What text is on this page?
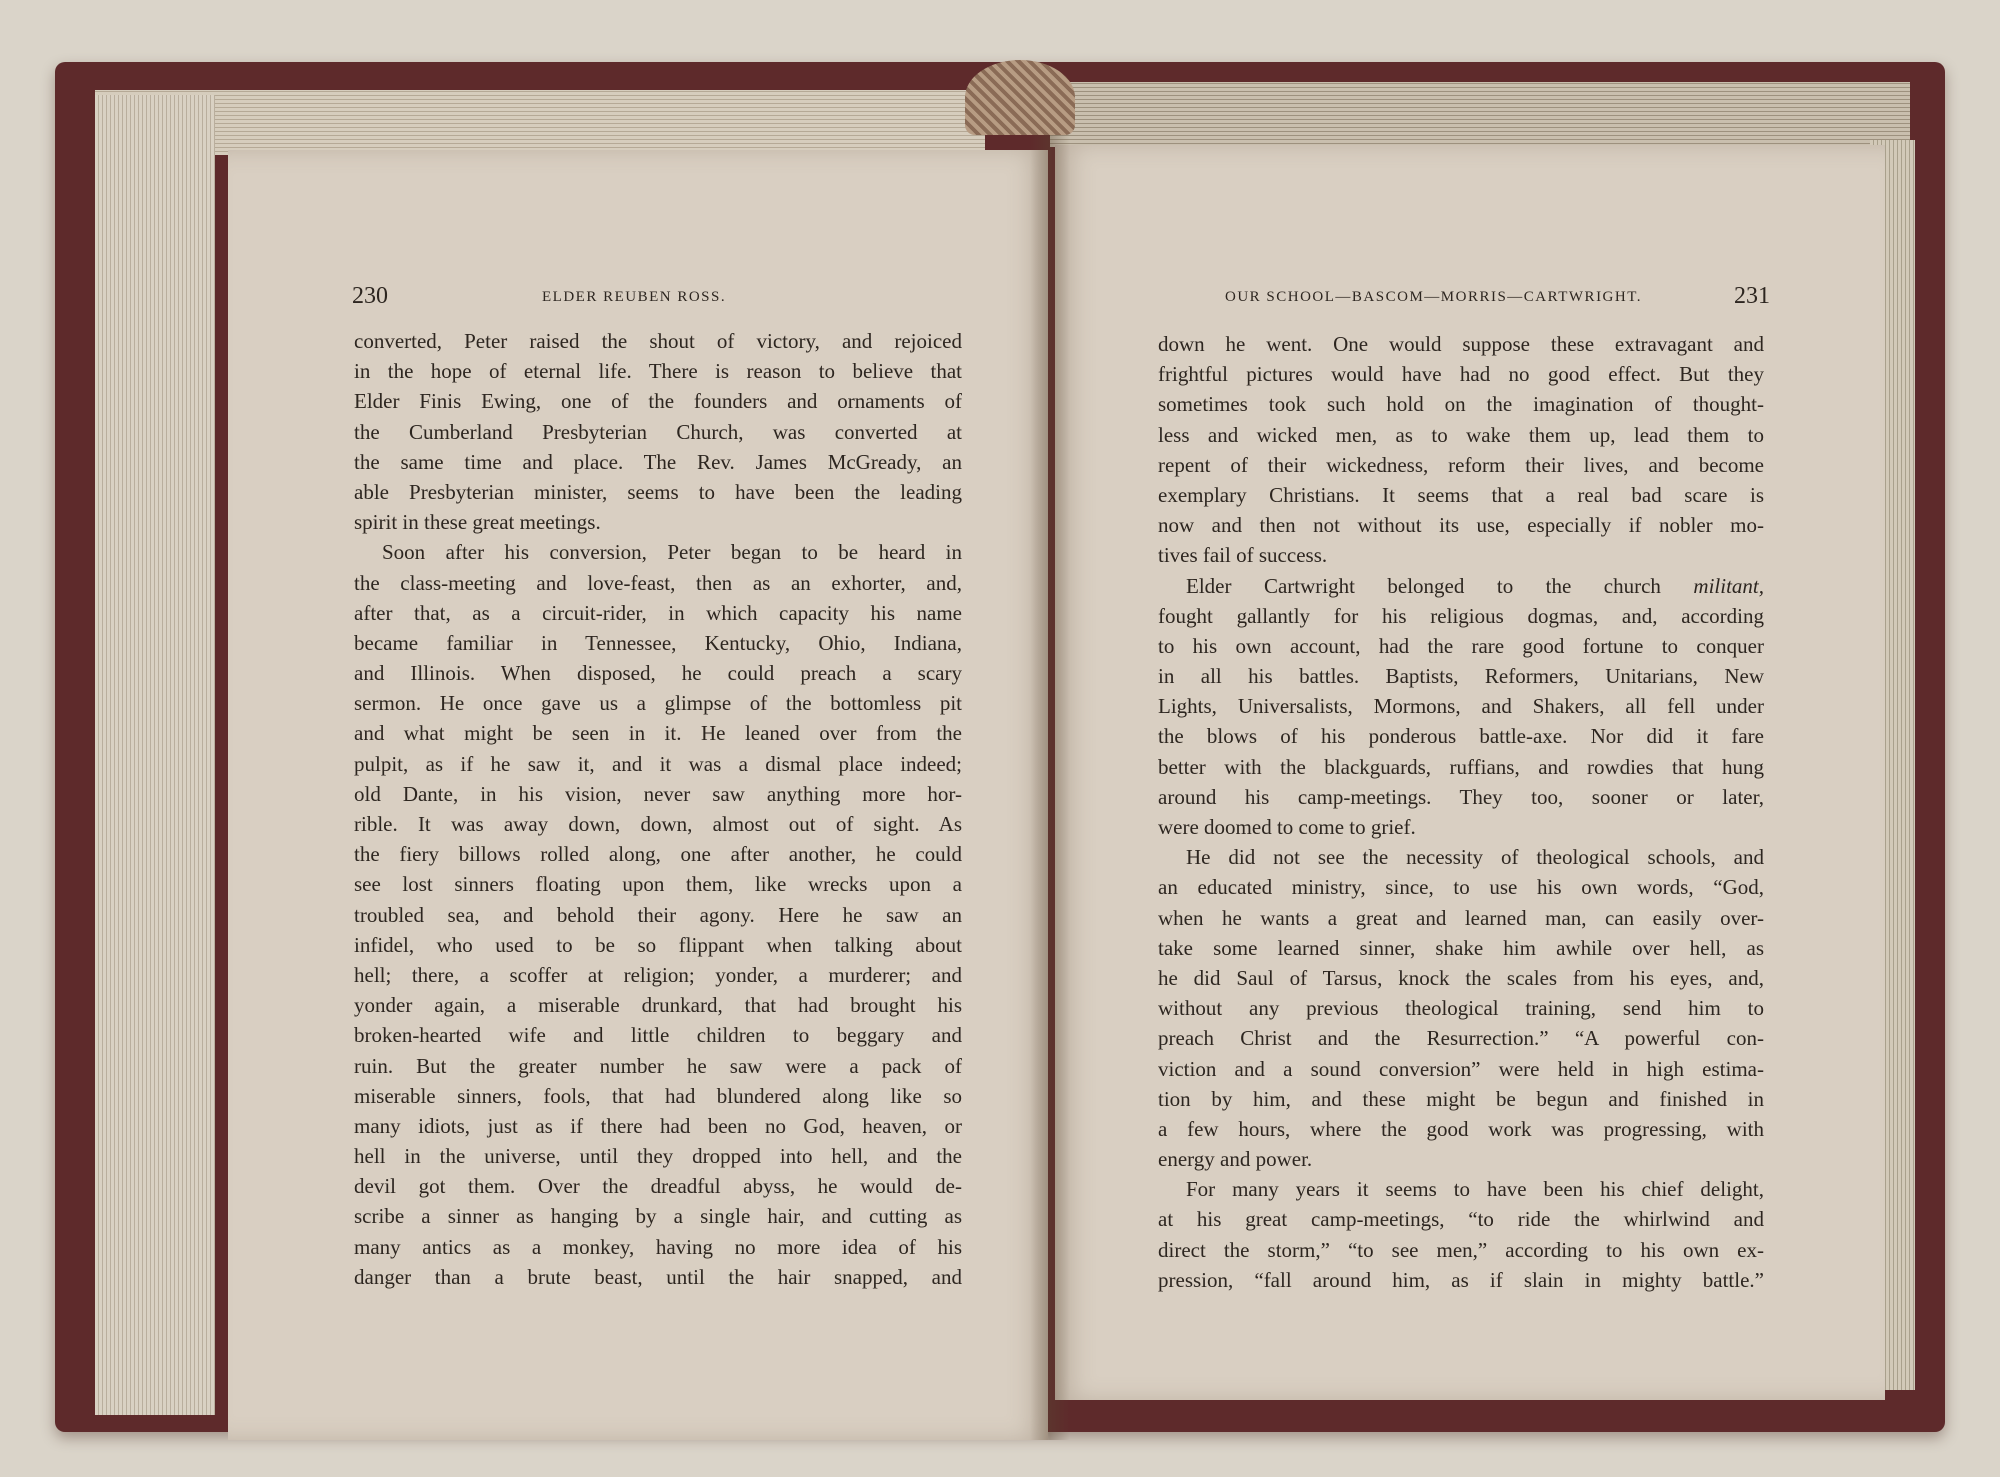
230	ELDER REUBEN ROSS.	OUR SCHOOL—BASCOM—MORRIS—CARTWRIGHT.	231
converted, Peter raised the shout of victory, and rejoiced
in the hope of eternal life. There is reason to believe that
Elder Finis Ewing, one of the founders and ornaments of
the Cumberland Presbyterian Church, was converted at
the same time and place. The Rev. James McGready, an
able Presbyterian minister, seems to have been the leading
spirit in these great meetings.
Soon after his conversion, Peter began to be heard in
the class-meeting and love-feast, then as an exhorter, and,
after that, as a circuit-rider, in which capacity his name
became familiar in Tennessee, Kentucky, Ohio, Indiana,
and Illinois. When disposed, he could preach a scary
sermon. He once gave us a glimpse of the bottomless pit
and what might be seen in it. He leaned over from the
pulpit, as if he saw it, and it was a dismal place indeed;
old Dante, in his vision, never saw anything more hor-
rible. It was away down, down, almost out of sight. As
the fiery billows rolled along, one after another, he could
see lost sinners floating upon them, like wrecks upon a
troubled sea, and behold their agony. Here he saw an
infidel, who used to be so flippant when talking about
hell; there, a scoffer at religion; yonder, a murderer; and
yonder again, a miserable drunkard, that had brought his
broken-hearted wife and little children to beggary and
ruin. But the greater number he saw were a pack of
miserable sinners, fools, that had blundered along like so
many idiots, just as if there had been no God, heaven, or
hell in the universe, until they dropped into hell, and the
devil got them. Over the dreadful abyss, he would de-
scribe a sinner as hanging by a single hair, and cutting as
many antics as a monkey, having no more idea of his
danger than a brute beast, until the hair snapped, and
down he went. One would suppose these extravagant and
frightful pictures would have had no good effect. But they
sometimes took such hold on the imagination of thought-
less and wicked men, as to wake them up, lead them to
repent of their wickedness, reform their lives, and become
exemplary Christians. It seems that a real bad scare is
now and then not without its use, especially if nobler mo-
tives fail of success.
Elder Cartwright belonged to the church militant,
fought gallantly for his religious dogmas, and, according
to his own account, had the rare good fortune to conquer
in all his battles. Baptists, Reformers, Unitarians, New
Lights, Universalists, Mormons, and Shakers, all fell under
the blows of his ponderous battle-axe. Nor did it fare
better with the blackguards, ruffians, and rowdies that hung
around his camp-meetings. They too, sooner or later,
were doomed to come to grief.
He did not see the necessity of theological schools, and
an educated ministry, since, to use his own words, “God,
when he wants a great and learned man, can easily over-
take some learned sinner, shake him awhile over hell, as
he did Saul of Tarsus, knock the scales from his eyes, and,
without any previous theological training, send him to
preach Christ and the Resurrection.” “A powerful con-
viction and a sound conversion” were held in high estima-
tion by him, and these might be begun and finished in
a few hours, where the good work was progressing, with
energy and power.
For many years it seems to have been his chief delight,
at his great camp-meetings, “to ride the whirlwind and
direct the storm,” “to see men,” according to his own ex-
pression, “fall around him, as if slain in mighty battle.”
